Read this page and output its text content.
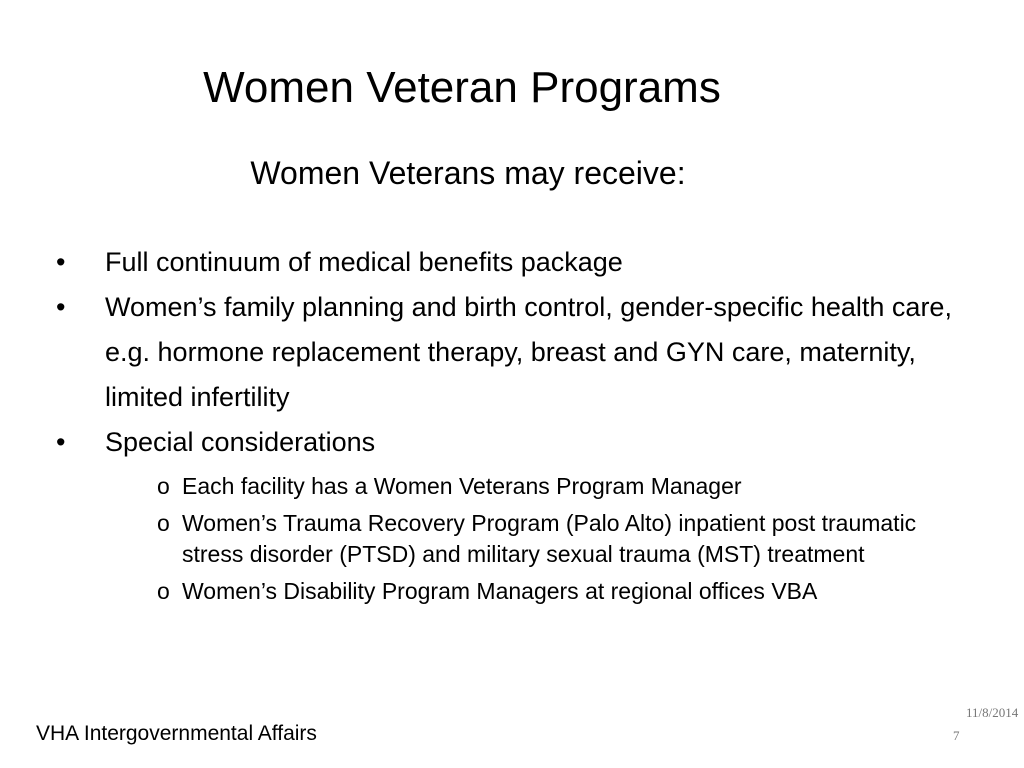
Women Veteran Programs

Women Veterans may receive:

• Full continuum of medical benefits package
• Women’s family planning and birth control, gender-specific health care, e.g. hormone replacement therapy, breast and GYN care, maternity, limited infertility
• Special considerations
o Each facility has a Women Veterans Program Manager
o Women’s Trauma Recovery Program (Palo Alto) inpatient post traumatic stress disorder (PTSD) and military sexual trauma (MST) treatment
o Women’s Disability Program Managers at regional offices VBA
VHA Intergovernmental Affairs	7
11/8/2014
